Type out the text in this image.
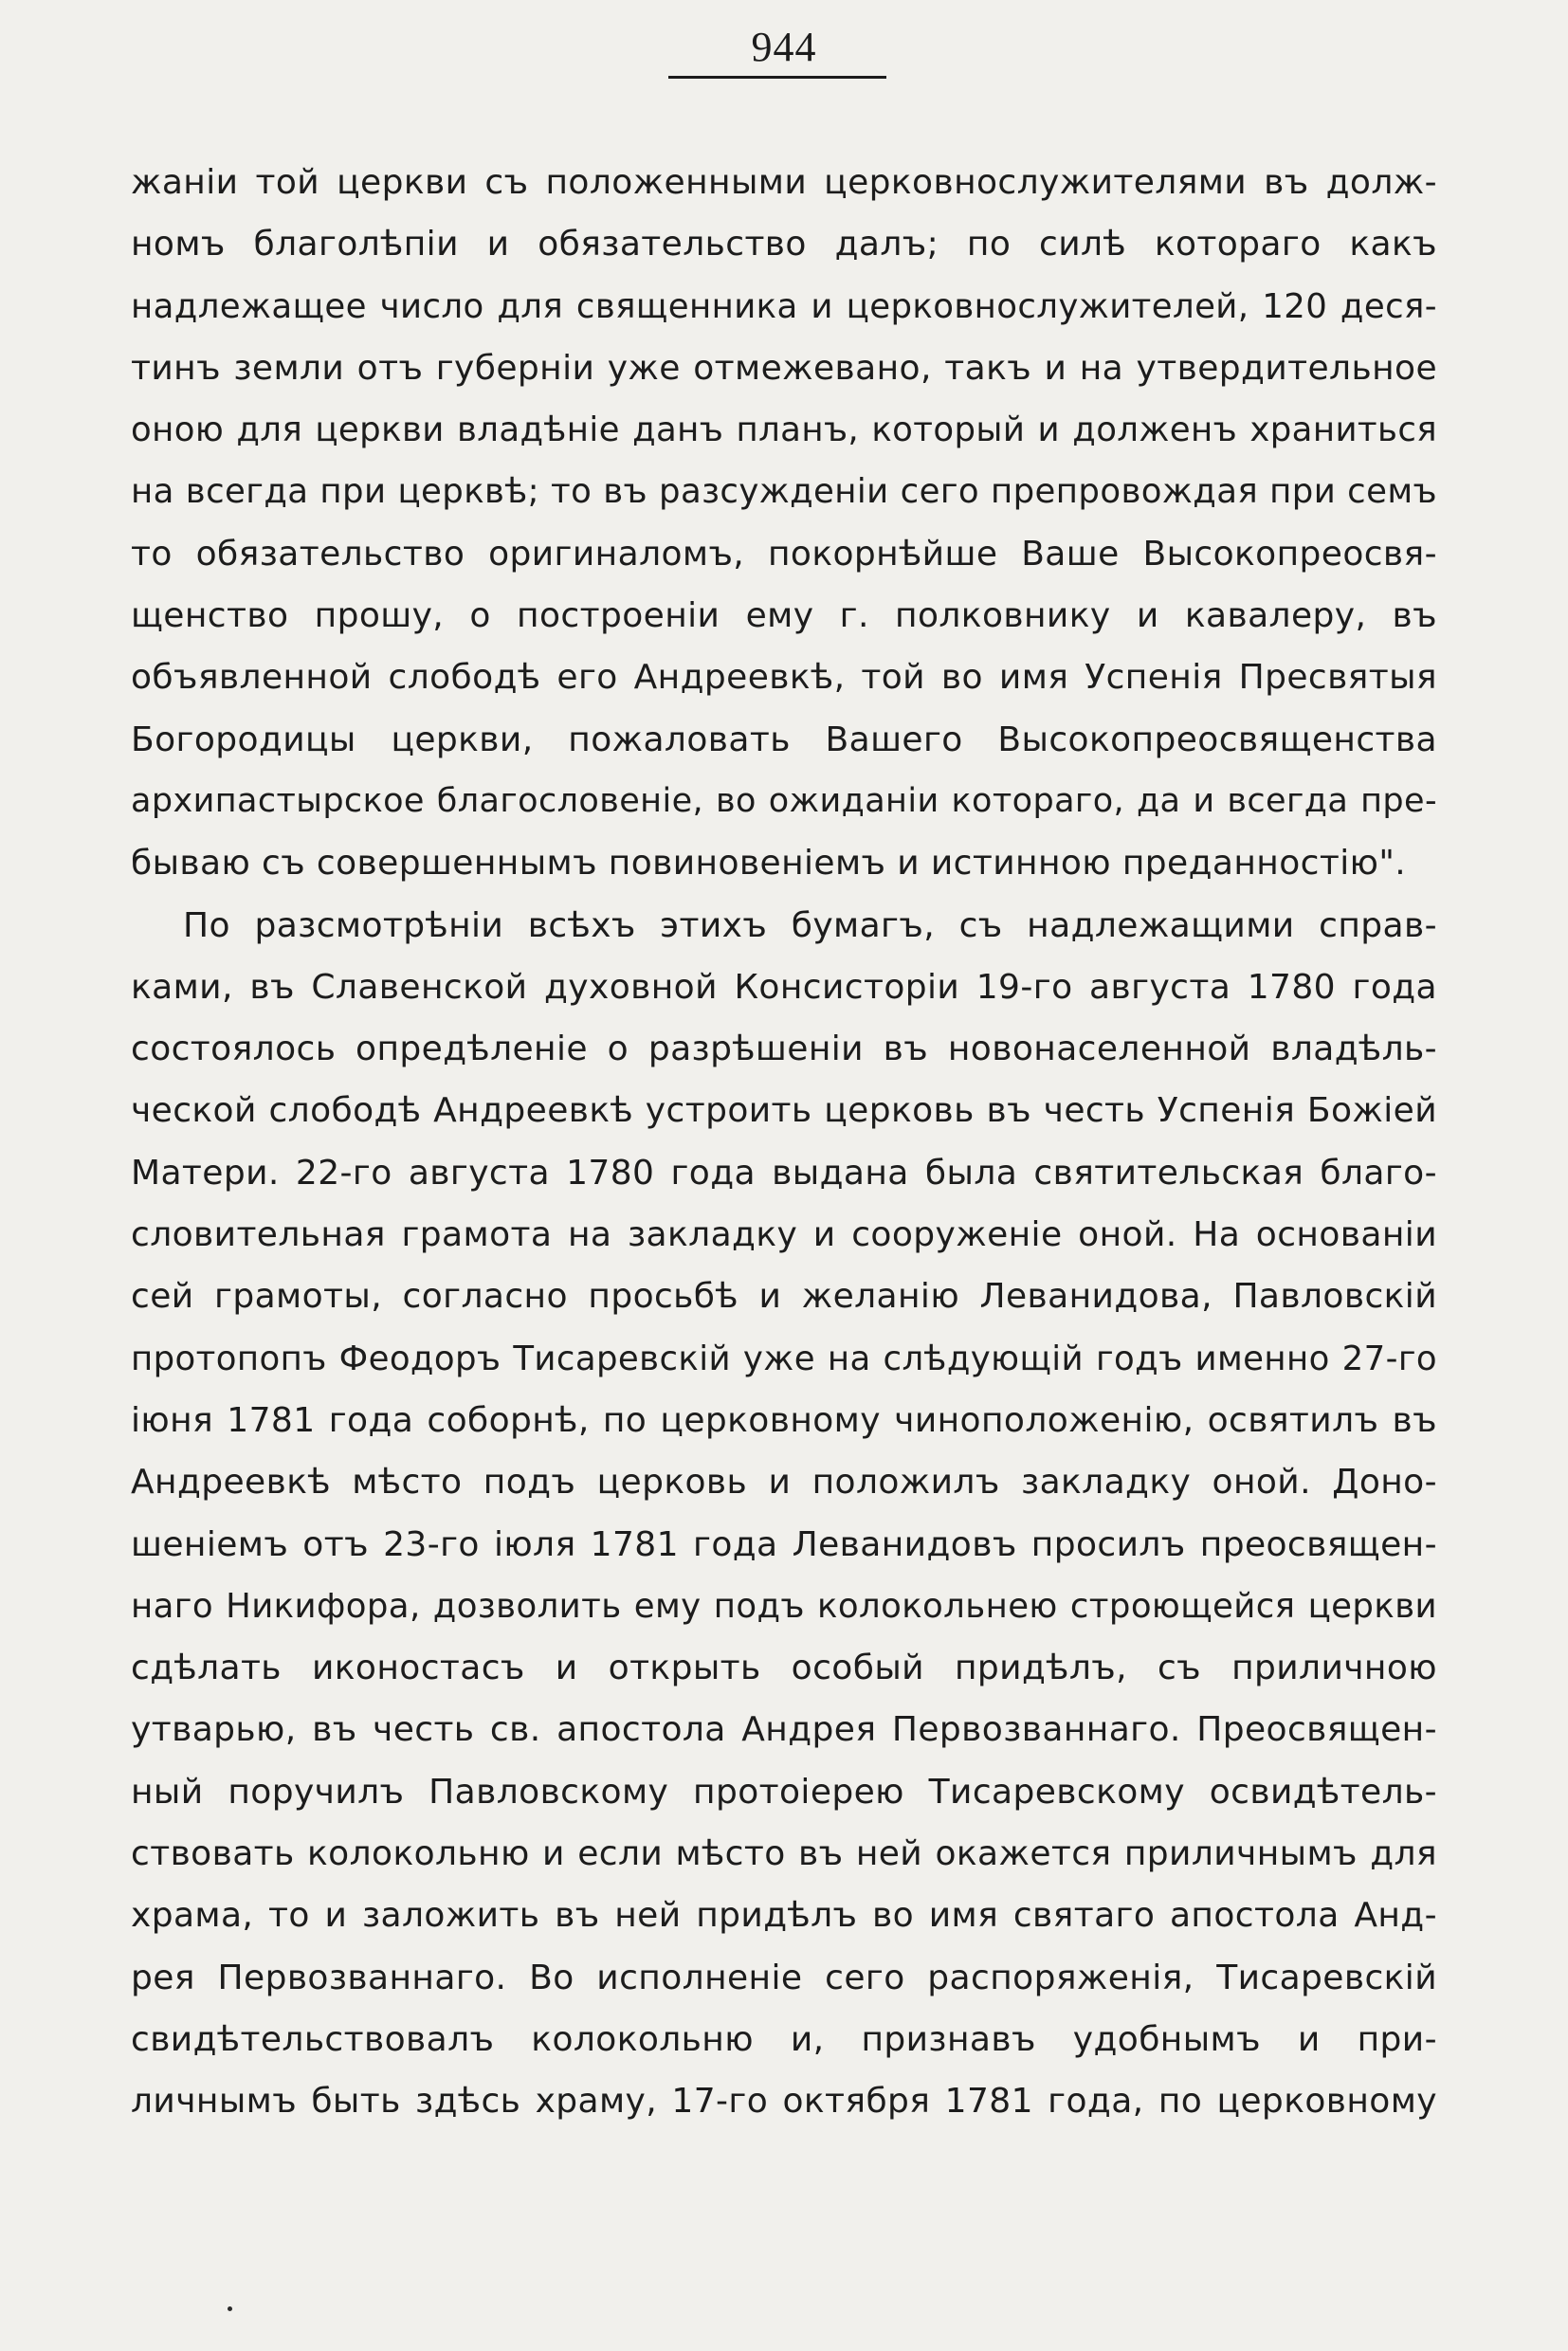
944
жанiи той церкви съ положенными церковнослужителями въ долж-
номъ благолѣпiи и обязательство далъ; по силѣ котораго какъ
надлежащее число для священника и церковнослужителей, 120 деся-
тинъ земли отъ губернiи уже отмежевано, такъ и на утвердительное
оною для церкви владѣнiе данъ планъ, который и долженъ храниться
на всегда при церквѣ; то въ разсужденiи сего препровождая при семъ
то обязательство оригиналомъ, покорнѣйше Ваше Высокопреосвя-
щенство прошу, о построенiи ему г. полковнику и кавалеру, въ
объявленной слободѣ его Андреевкѣ, той во имя Успенiя Пресвятыя
Богородицы церкви, пожаловать Вашего Высокопреосвященства
архипастырское благословенiе, во ожиданiи котораго, да и всегда пре-
бываю съ совершеннымъ повиновенiемъ и истинною преданностiю".
По разсмотрѣнiи всѣхъ этихъ бумагъ, съ надлежащими справ-
ками, въ Славенской духовной Консисторiи 19-го августа 1780 года
состоялось опредѣленiе о разрѣшенiи въ новонаселенной владѣль-
ческой слободѣ Андреевкѣ устроить церковь въ честь Успенiя Божiей
Матери. 22-го августа 1780 года выдана была святительская благо-
словительная грамота на закладку и сооруженiе оной. На основанiи
сей грамоты, согласно просьбѣ и желанiю Леванидова, Павловскiй
протопопъ Феодоръ Тисаревскiй уже на слѣдующiй годъ именно 27-го
iюня 1781 года соборнѣ, по церковному чиноположенiю, освятилъ въ
Андреевкѣ мѣсто подъ церковь и положилъ закладку оной. Доно-
шенiемъ отъ 23-го iюля 1781 года Леванидовъ просилъ преосвящен-
наго Никифора, дозволить ему подъ колокольнею строющейся церкви
сдѣлать иконостасъ и открыть особый придѣлъ, съ приличною
утварью, въ честь св. апостола Андрея Первозваннаго. Преосвящен-
ный поручилъ Павловскому протоiерею Тисаревскому освидѣтель-
ствовать колокольню и если мѣсто въ ней окажется приличнымъ для
храма, то и заложить въ ней придѣлъ во имя святаго апостола Анд-
рея Первозваннаго. Во исполненiе сего распоряженiя, Тисаревскiй
свидѣтельствовалъ колокольню и, признавъ удобнымъ и при-
личнымъ быть здѣсь храму, 17-го октября 1781 года, по церковному
